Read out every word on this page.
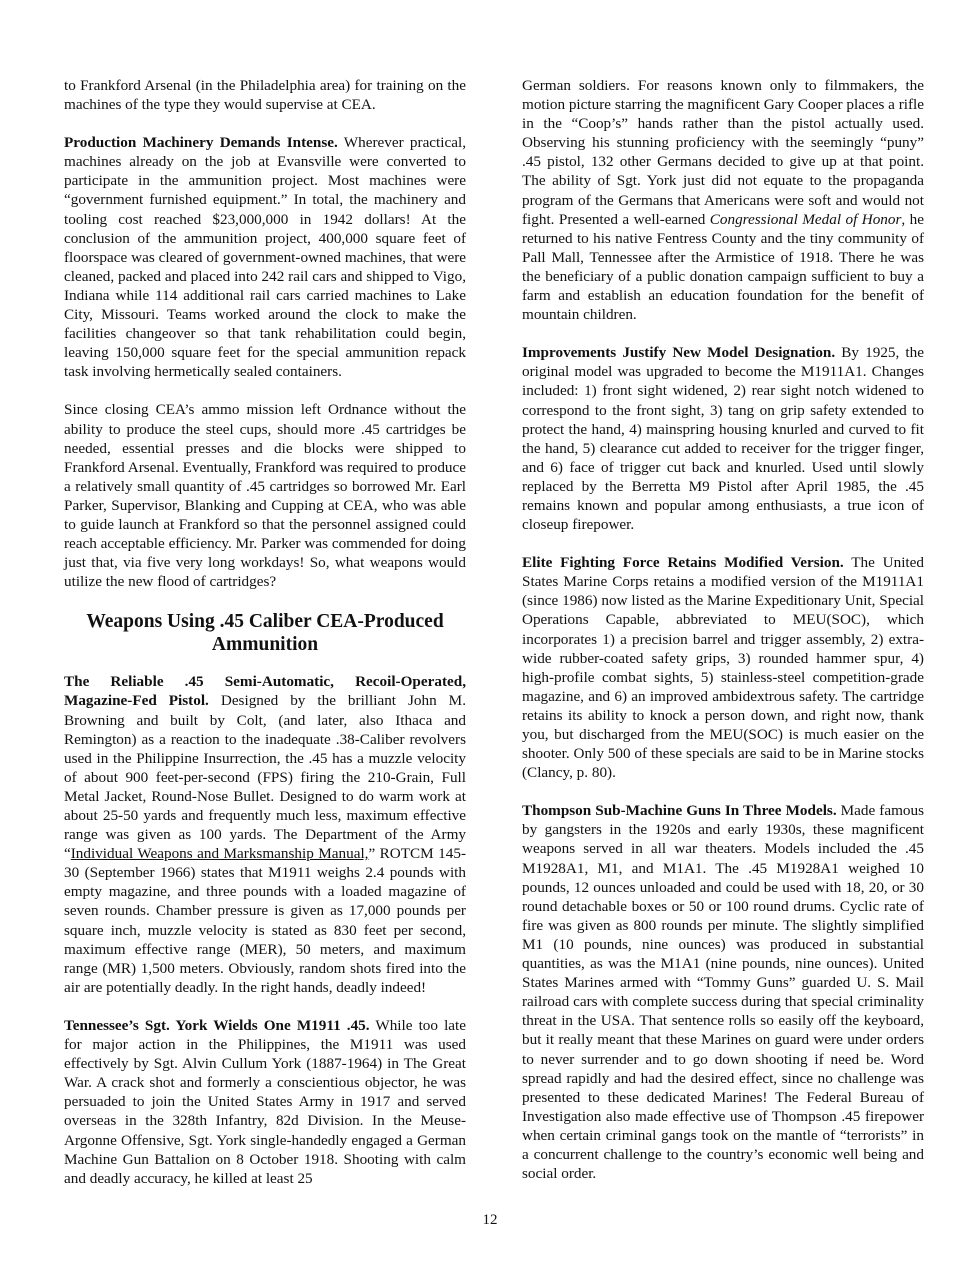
to Frankford Arsenal (in the Philadelphia area) for training on the machines of the type they would supervise at CEA.

Production Machinery Demands Intense. Wherever practical, machines already on the job at Evansville were converted to participate in the ammunition project. Most machines were “government furnished equipment.” In total, the machinery and tooling cost reached $23,000,000 in 1942 dollars! At the conclusion of the ammunition project, 400,000 square feet of floorspace was cleared of government-owned machines, that were cleaned, packed and placed into 242 rail cars and shipped to Vigo, Indiana while 114 additional rail cars carried machines to Lake City, Missouri. Teams worked around the clock to make the facilities changeover so that tank rehabilitation could begin, leaving 150,000 square feet for the special ammunition repack task involving hermetically sealed containers.

Since closing CEA’s ammo mission left Ordnance without the ability to produce the steel cups, should more .45 cartridges be needed, essential presses and die blocks were shipped to Frankford Arsenal. Eventually, Frankford was required to produce a relatively small quantity of .45 cartridges so borrowed Mr. Earl Parker, Supervisor, Blanking and Cupping at CEA, who was able to guide launch at Frankford so that the personnel assigned could reach acceptable efficiency. Mr. Parker was commended for doing just that, via five very long workdays! So, what weapons would utilize the new flood of cartridges?

Weapons Using .45 Caliber CEA-Produced Ammunition

The Reliable .45 Semi-Automatic, Recoil-Operated, Magazine-Fed Pistol. Designed by the brilliant John M. Browning and built by Colt, (and later, also Ithaca and Remington) as a reaction to the inadequate .38-Caliber revolvers used in the Philippine Insurrection, the .45 has a muzzle velocity of about 900 feet-per-second (FPS) firing the 210-Grain, Full Metal Jacket, Round-Nose Bullet. Designed to do warm work at about 25-50 yards and frequently much less, maximum effective range was given as 100 yards. The Department of the Army “Individual Weapons and Marksmanship Manual,” ROTCM 145-30 (September 1966) states that M1911 weighs 2.4 pounds with empty magazine, and three pounds with a loaded magazine of seven rounds. Chamber pressure is given as 17,000 pounds per square inch, muzzle velocity is stated as 830 feet per second, maximum effective range (MER), 50 meters, and maximum range (MR) 1,500 meters. Obviously, random shots fired into the air are potentially deadly. In the right hands, deadly indeed!

Tennessee’s Sgt. York Wields One M1911 .45. While too late for major action in the Philippines, the M1911 was used effectively by Sgt. Alvin Cullum York (1887-1964) in The Great War. A crack shot and formerly a conscientious objector, he was persuaded to join the United States Army in 1917 and served overseas in the 328th Infantry, 82d Division. In the Meuse-Argonne Offensive, Sgt. York single-handedly engaged a German Machine Gun Battalion on 8 October 1918. Shooting with calm and deadly accuracy, he killed at least 25

German soldiers. For reasons known only to filmmakers, the motion picture starring the magnificent Gary Cooper places a rifle in the “Coop’s” hands rather than the pistol actually used. Observing his stunning proficiency with the seemingly “puny” .45 pistol, 132 other Germans decided to give up at that point. The ability of Sgt. York just did not equate to the propaganda program of the Germans that Americans were soft and would not fight. Presented a well-earned Congressional Medal of Honor, he returned to his native Fentress County and the tiny community of Pall Mall, Tennessee after the Armistice of 1918. There he was the beneficiary of a public donation campaign sufficient to buy a farm and establish an education foundation for the benefit of mountain children.

Improvements Justify New Model Designation. By 1925, the original model was upgraded to become the M1911A1. Changes included: 1) front sight widened, 2) rear sight notch widened to correspond to the front sight, 3) tang on grip safety extended to protect the hand, 4) mainspring housing knurled and curved to fit the hand, 5) clearance cut added to receiver for the trigger finger, and 6) face of trigger cut back and knurled. Used until slowly replaced by the Berretta M9 Pistol after April 1985, the .45 remains known and popular among enthusiasts, a true icon of closeup firepower.

Elite Fighting Force Retains Modified Version. The United States Marine Corps retains a modified version of the M1911A1 (since 1986) now listed as the Marine Expeditionary Unit, Special Operations Capable, abbreviated to MEU(SOC), which incorporates 1) a precision barrel and trigger assembly, 2) extra-wide rubber-coated safety grips, 3) rounded hammer spur, 4) high-profile combat sights, 5) stainless-steel competition-grade magazine, and 6) an improved ambidextrous safety. The cartridge retains its ability to knock a person down, and right now, thank you, but discharged from the MEU(SOC) is much easier on the shooter. Only 500 of these specials are said to be in Marine stocks (Clancy, p. 80).

Thompson Sub-Machine Guns In Three Models. Made famous by gangsters in the 1920s and early 1930s, these magnificent weapons served in all war theaters. Models included the .45 M1928A1, M1, and M1A1. The .45 M1928A1 weighed 10 pounds, 12 ounces unloaded and could be used with 18, 20, or 30 round detachable boxes or 50 or 100 round drums. Cyclic rate of fire was given as 800 rounds per minute. The slightly simplified M1 (10 pounds, nine ounces) was produced in substantial quantities, as was the M1A1 (nine pounds, nine ounces). United States Marines armed with “Tommy Guns” guarded U. S. Mail railroad cars with complete success during that special criminality threat in the USA. That sentence rolls so easily off the keyboard, but it really meant that these Marines on guard were under orders to never surrender and to go down shooting if need be. Word spread rapidly and had the desired effect, since no challenge was presented to these dedicated Marines! The Federal Bureau of Investigation also made effective use of Thompson .45 firepower when certain criminal gangs took on the mantle of “terrorists” in a concurrent challenge to the country’s economic well being and social order.

12
